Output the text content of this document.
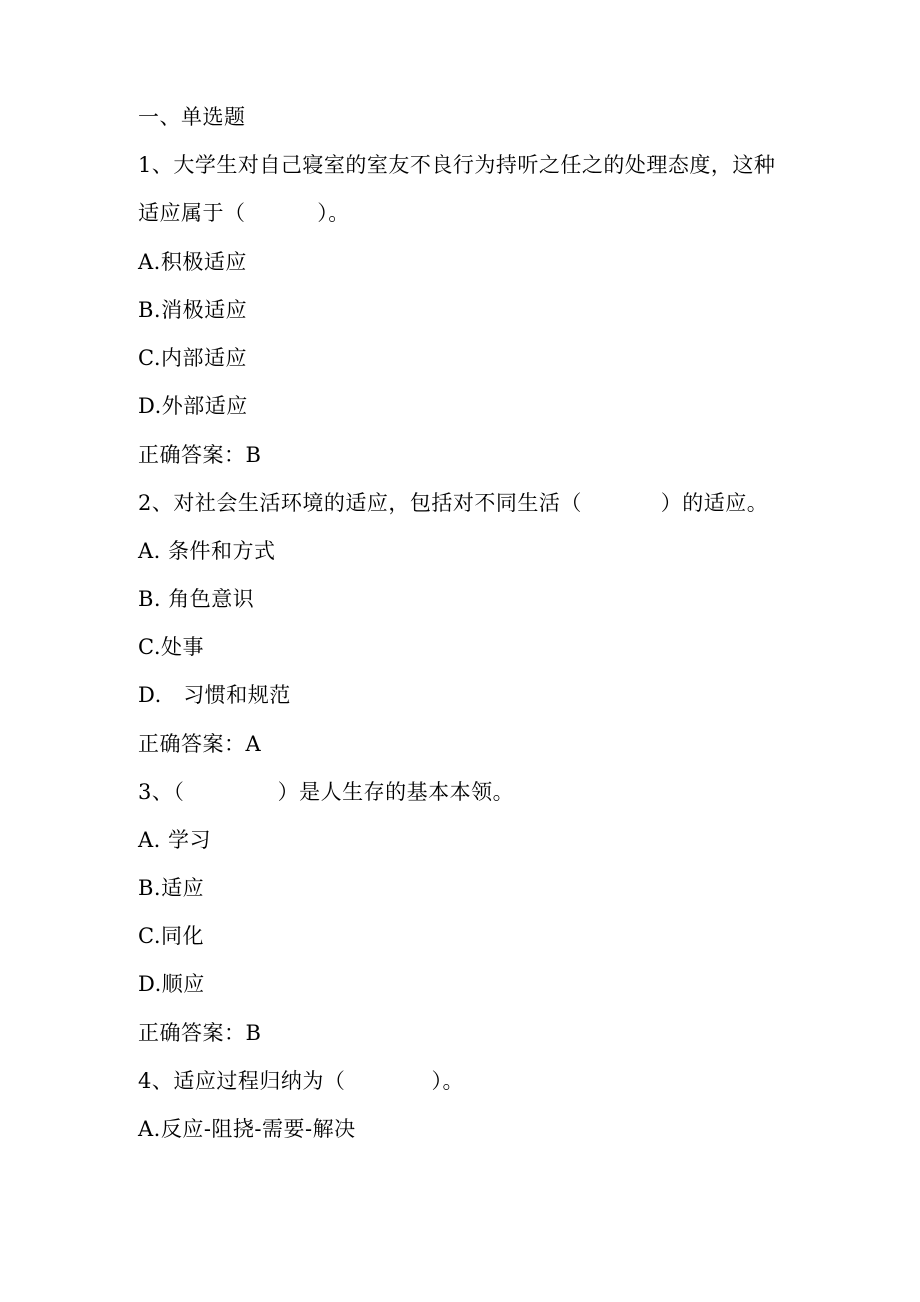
一、单选题
1、大学生对自己寝室的室友不良行为持听之任之的处理态度，这种
适应属于（          ）。
A.积极适应
B.消极适应
C.内部适应
D.外部适应
正确答案：B
2、对社会生活环境的适应，包括对不同生活（           ）的适应。
A. 条件和方式
B. 角色意识
C.处事
D.   习惯和规范
正确答案：A
3、（             ）是人生存的基本本领。
A. 学习
B.适应
C.同化
D.顺应
正确答案：B
4、适应过程归纳为（            ）。
A.反应-阻挠-需要-解决
